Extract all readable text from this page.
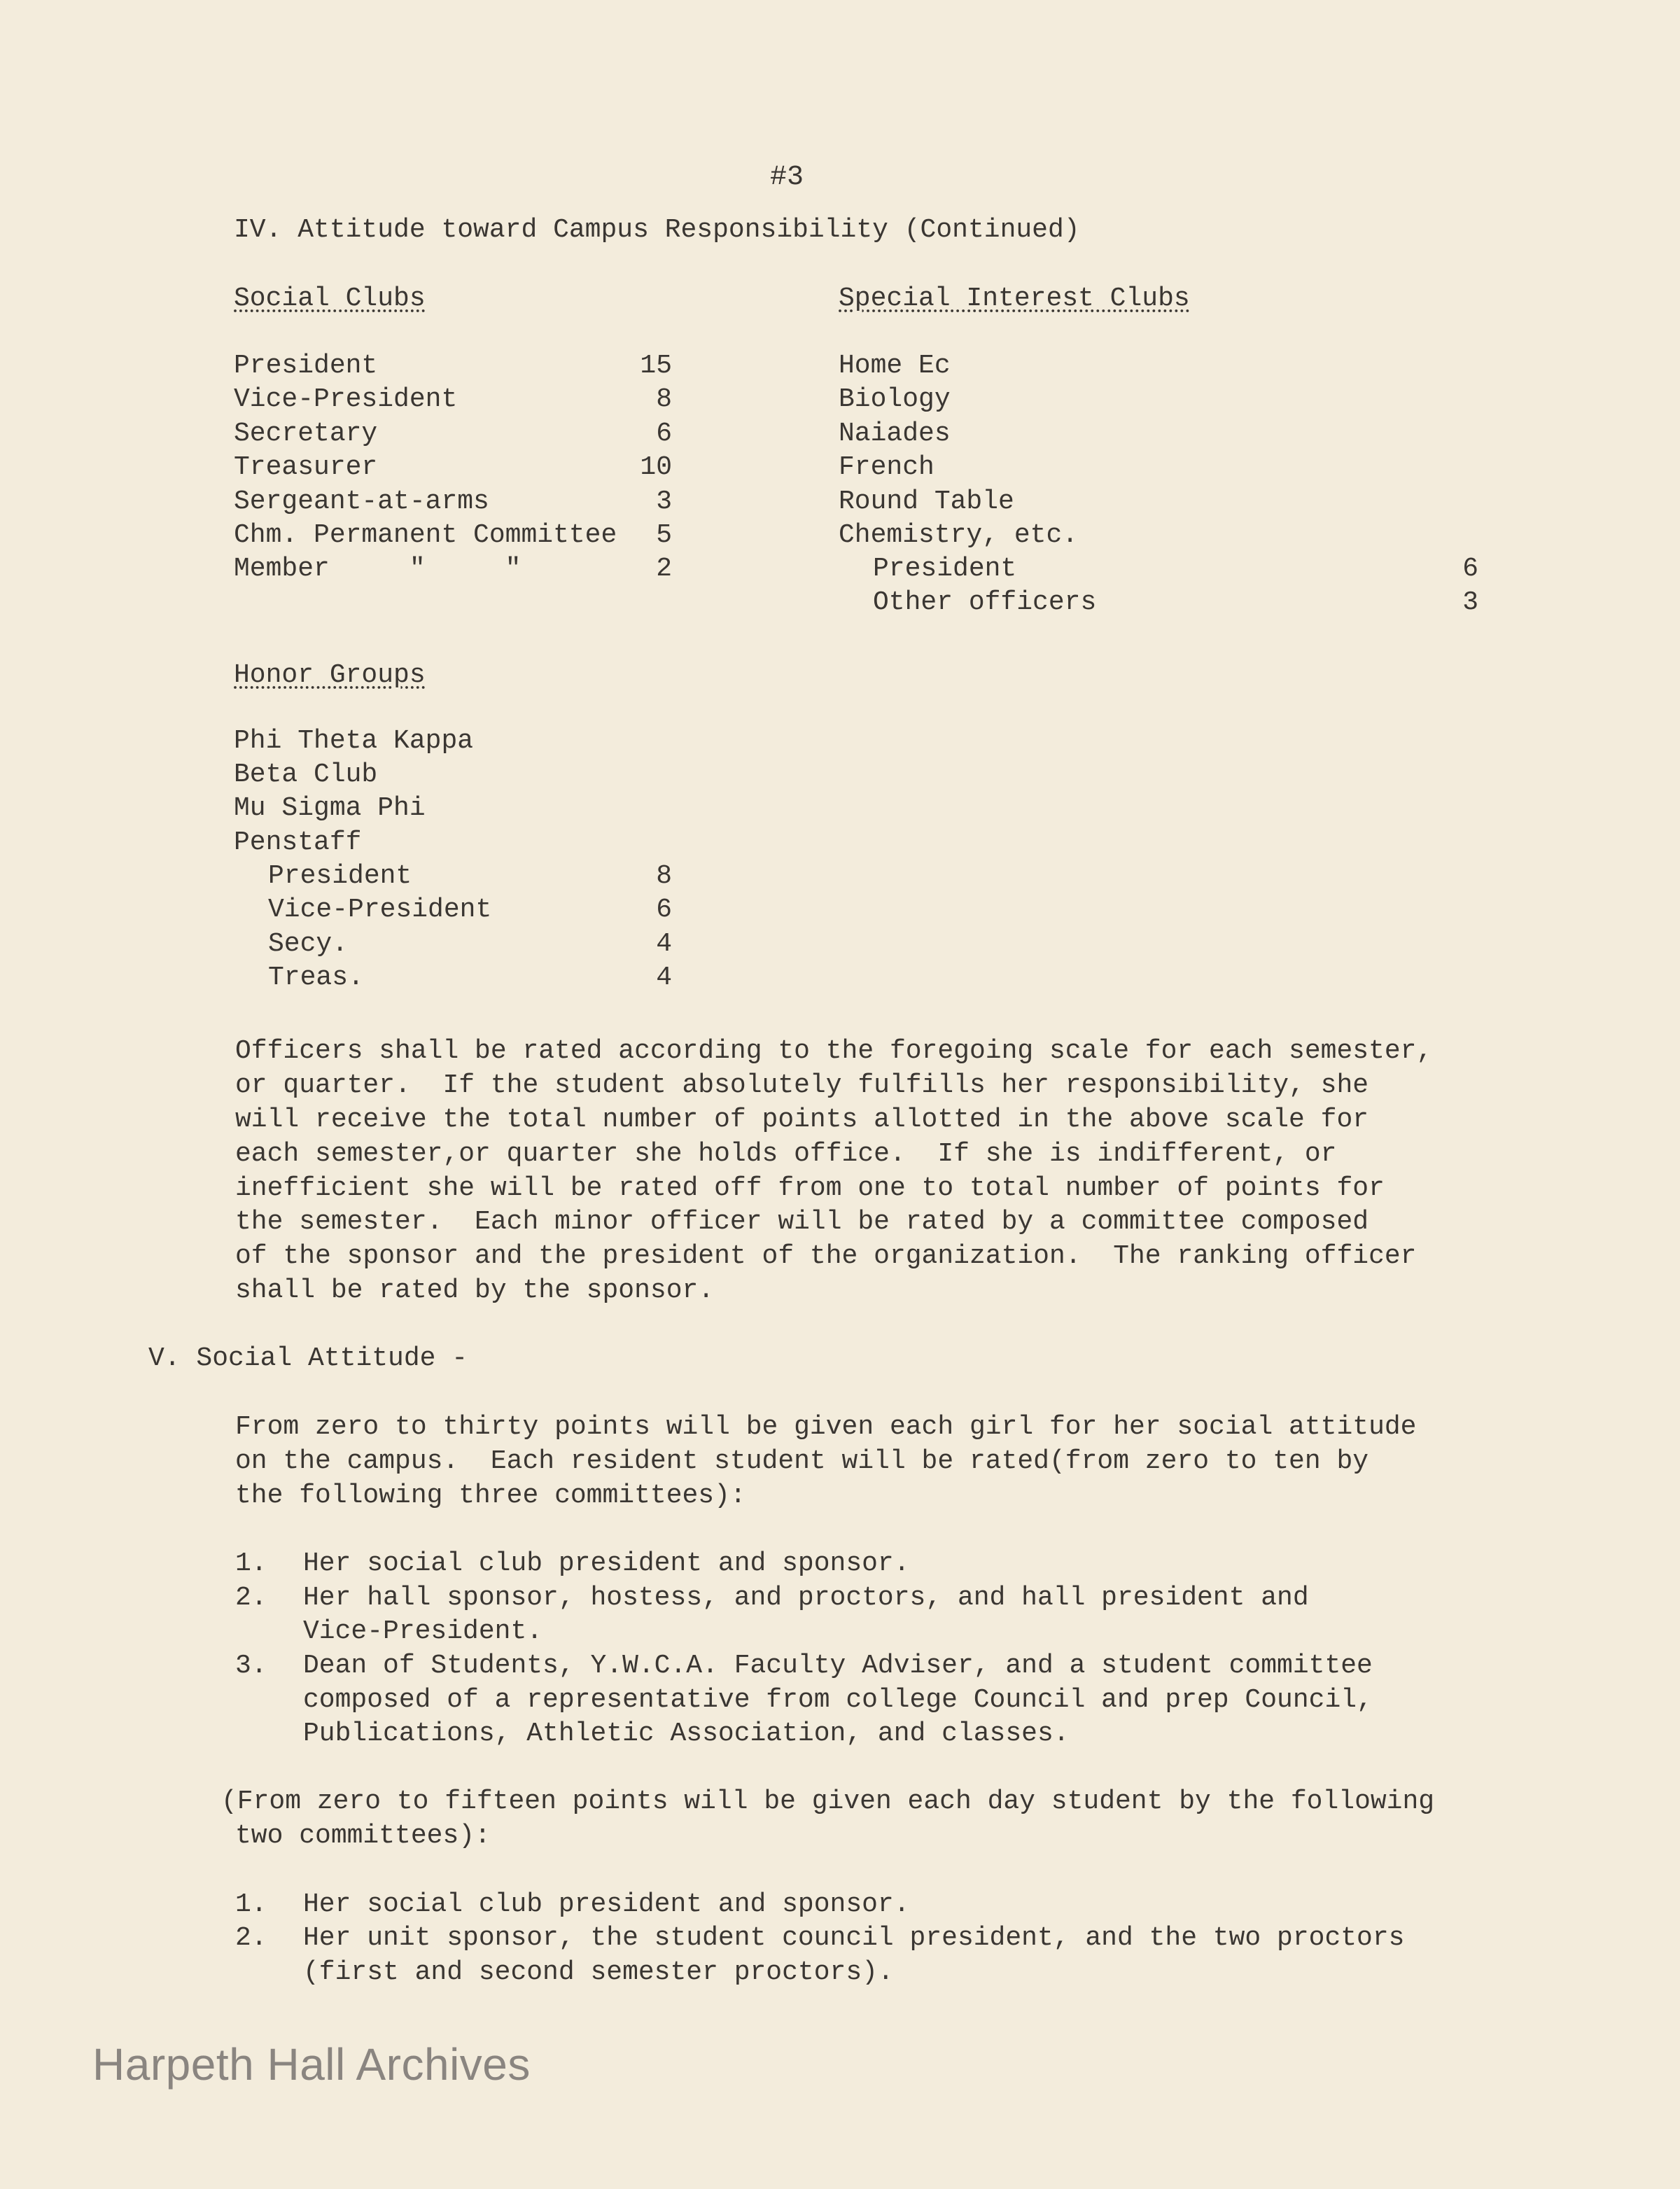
#3
IV. Attitude toward Campus Responsibility (Continued)
Social Clubs
President	15
Vice-President	8
Secretary	6
Treasurer	10
Sergeant-at-arms	3
Chm. Permanent Committee	5
Member     "     "	2
Special Interest Clubs
Home Ec
Biology
Naiades
French
Round Table
Chemistry, etc.
President	6
Other officers	3
Honor Groups
Phi Theta Kappa
Beta Club
Mu Sigma Phi
Penstaff
President	8
Vice-President	6
Secy.	4
Treas.	4
Officers shall be rated according to the foregoing scale for each semester,
or quarter.  If the student absolutely fulfills her responsibility, she
will receive the total number of points allotted in the above scale for
each semester,or quarter she holds office.  If she is indifferent, or
inefficient she will be rated off from one to total number of points for
the semester.  Each minor officer will be rated by a committee composed
of the sponsor and the president of the organization.  The ranking officer
shall be rated by the sponsor.
V. Social Attitude -
From zero to thirty points will be given each girl for her social attitude
on the campus.  Each resident student will be rated(from zero to ten by
the following three committees):
1. Her social club president and sponsor.
2. Her hall sponsor, hostess, and proctors, and hall president and
Vice-President.
3. Dean of Students, Y.W.C.A. Faculty Adviser, and a student committee
composed of a representative from college Council and prep Council,
Publications, Athletic Association, and classes.
(From zero to fifteen points will be given each day student by the following
two committees):
1. Her social club president and sponsor.
2. Her unit sponsor, the student council president, and the two proctors
(first and second semester proctors).
Harpeth Hall Archives
